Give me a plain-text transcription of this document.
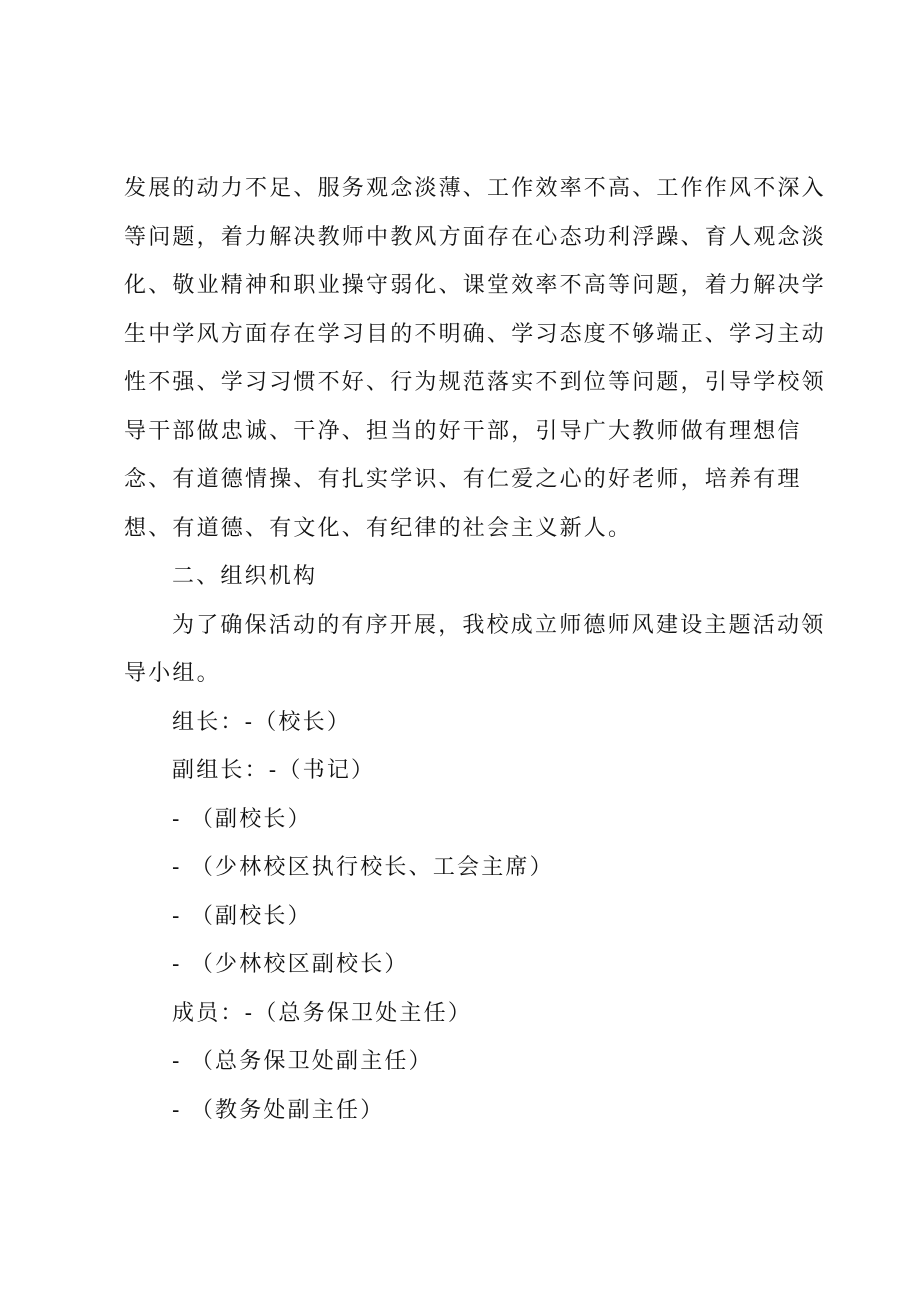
发展的动力不足、服务观念淡薄、工作效率不高、工作作风不深入等问题，着力解决教师中教风方面存在心态功利浮躁、育人观念淡化、敬业精神和职业操守弱化、课堂效率不高等问题，着力解决学生中学风方面存在学习目的不明确、学习态度不够端正、学习主动性不强、学习习惯不好、行为规范落实不到位等问题，引导学校领导干部做忠诚、干净、担当的好干部，引导广大教师做有理想信念、有道德情操、有扎实学识、有仁爱之心的好老师，培养有理想、有道德、有文化、有纪律的社会主义新人。

二、组织机构

为了确保活动的有序开展，我校成立师德师风建设主题活动领导小组。

组长：-（校长）

副组长：-（书记）

- （副校长）

- （少林校区执行校长、工会主席）

- （副校长）

- （少林校区副校长）

成员：-（总务保卫处主任）

- （总务保卫处副主任）

- （教务处副主任）
